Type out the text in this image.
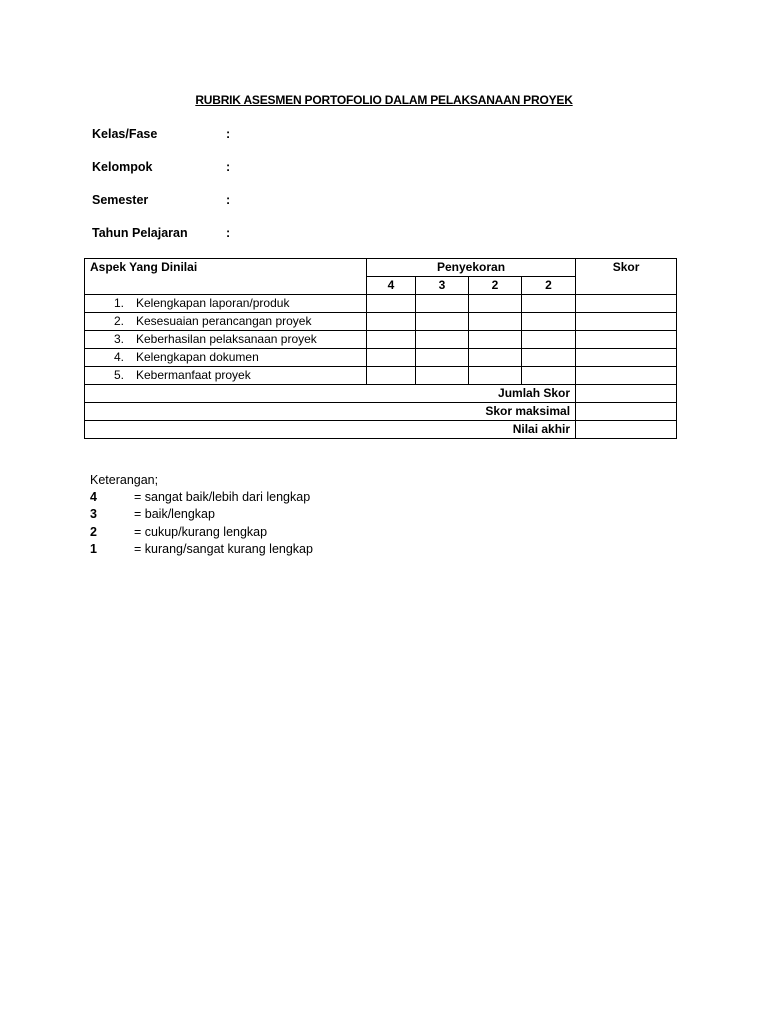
RUBRIK ASESMEN PORTOFOLIO DALAM PELAKSANAAN PROYEK
Kelas/Fase	:
Kelompok	:
Semester	:
Tahun Pelajaran	:
Aspek Yang Dinilai	Penyekoran				Skor
	4	3	2	2	
1. Kelengkapan laporan/produk					
2. Kesesuaian perancangan proyek					
3. Keberhasilan pelaksanaan proyek					
4. Kelengkapan dokumen					
5. Kebermanfaat proyek					
Jumlah Skor					
Skor maksimal					
Nilai akhir					
Keterangan;
4	= sangat baik/lebih dari lengkap
3	= baik/lengkap
2	= cukup/kurang lengkap
1	= kurang/sangat kurang lengkap
